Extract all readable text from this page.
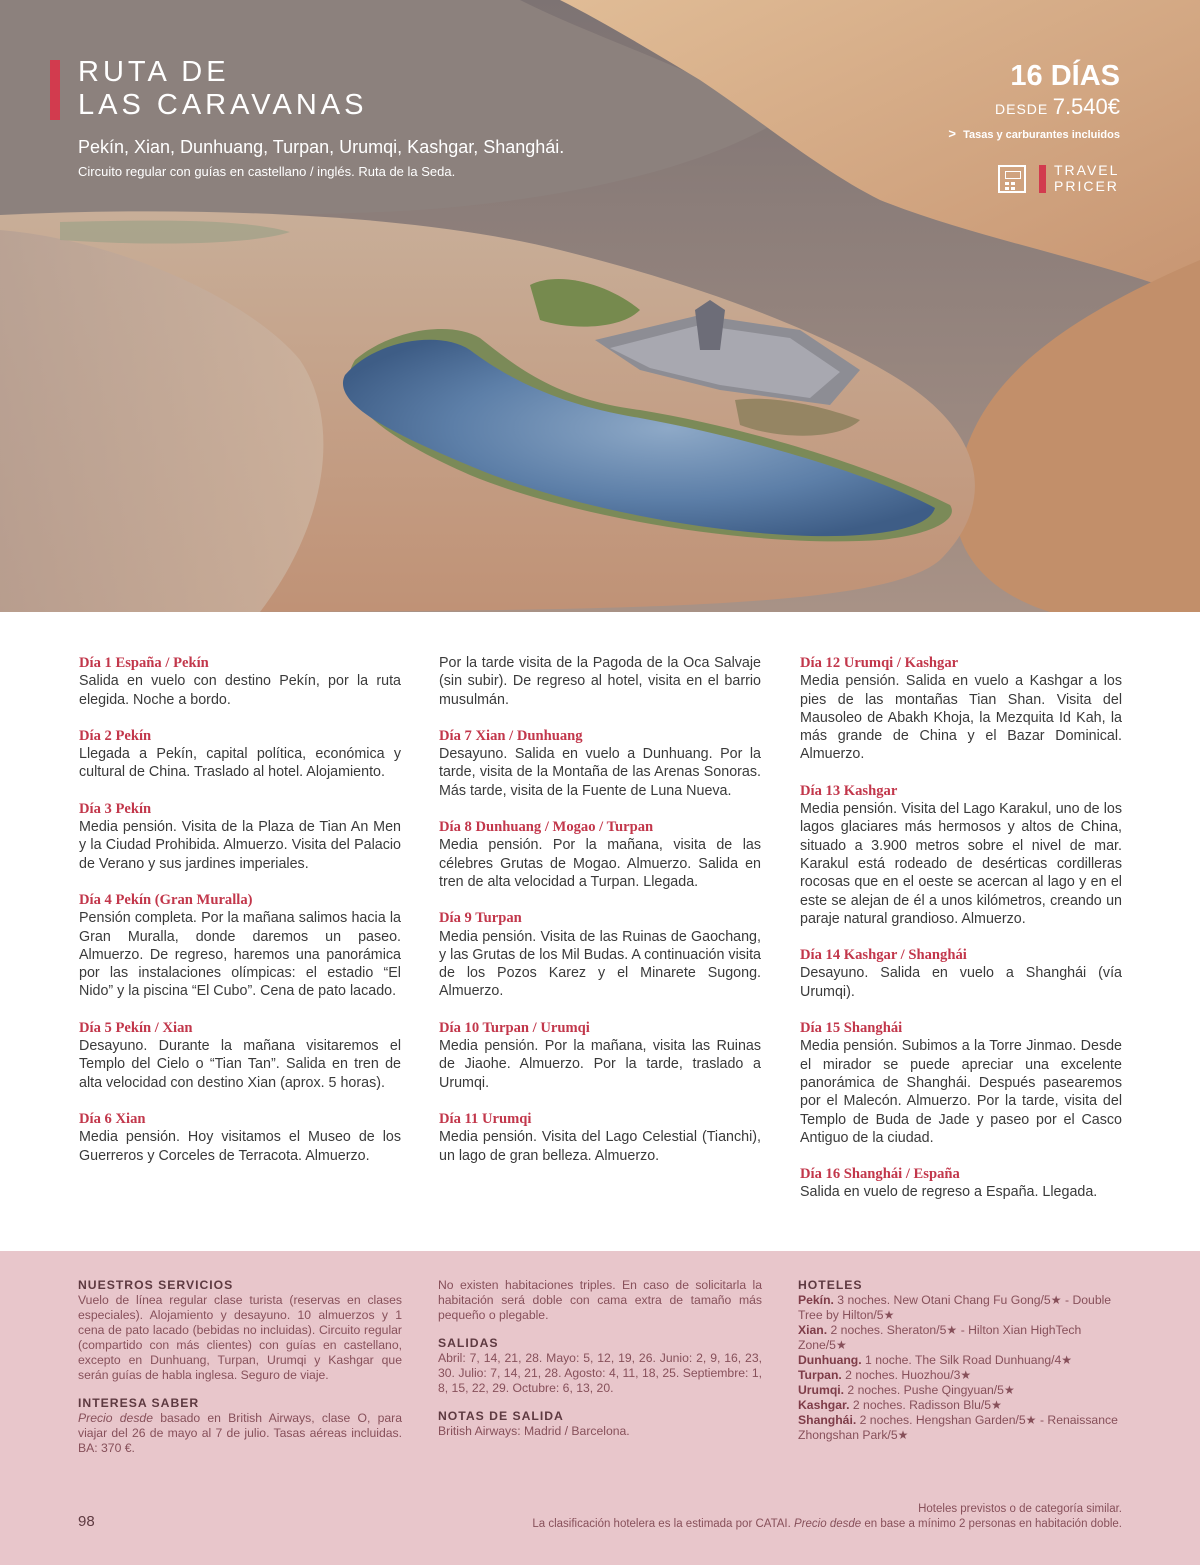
RUTA DE
LAS CARAVANAS
Pekín, Xian, Dunhuang, Turpan, Urumqi, Kashgar, Shanghái.
Circuito regular con guías en castellano / inglés. Ruta de la Seda.
16 DÍAS
DESDE 7.540€
> Tasas y carburantes incluidos
TRAVEL
PRICER
Día 1 España / Pekín
Salida en vuelo con destino Pekín, por la ruta elegida. Noche a bordo.
Día 2 Pekín
Llegada a Pekín, capital política, económica y cultural de China. Traslado al hotel. Alojamiento.
Día 3 Pekín
Media pensión. Visita de la Plaza de Tian An Men y la Ciudad Prohibida. Almuerzo. Visita del Palacio de Verano y sus jardines imperiales.
Día 4 Pekín (Gran Muralla)
Pensión completa. Por la mañana salimos hacia la Gran Muralla, donde daremos un paseo. Almuerzo. De regreso, haremos una panorámica por las instalaciones olímpicas: el estadio “El Nido” y la piscina “El Cubo”. Cena de pato lacado.
Día 5 Pekín / Xian
Desayuno. Durante la mañana visitaremos el Templo del Cielo o “Tian Tan”. Salida en tren de alta velocidad con destino Xian (aprox. 5 horas).
Día 6 Xian
Media pensión. Hoy visitamos el Museo de los Guerreros y Corceles de Terracota. Almuerzo.
Por la tarde visita de la Pagoda de la Oca Salvaje (sin subir). De regreso al hotel, visita en el barrio musulmán.
Día 7 Xian / Dunhuang
Desayuno. Salida en vuelo a Dunhuang. Por la tarde, visita de la Montaña de las Arenas Sonoras. Más tarde, visita de la Fuente de Luna Nueva.
Día 8 Dunhuang / Mogao / Turpan
Media pensión. Por la mañana, visita de las célebres Grutas de Mogao. Almuerzo. Salida en tren de alta velocidad a Turpan. Llegada.
Día 9 Turpan
Media pensión. Visita de las Ruinas de Gaochang, y las Grutas de los Mil Budas. A continuación visita de los Pozos Karez y el Minarete Sugong. Almuerzo.
Día 10 Turpan / Urumqi
Media pensión. Por la mañana, visita las Ruinas de Jiaohe. Almuerzo. Por la tarde, traslado a Urumqi.
Día 11 Urumqi
Media pensión. Visita del Lago Celestial (Tianchi), un lago de gran belleza. Almuerzo.
Día 12 Urumqi / Kashgar
Media pensión. Salida en vuelo a Kashgar a los pies de las montañas Tian Shan. Visita del Mausoleo de Abakh Khoja, la Mezquita Id Kah, la más grande de China y el Bazar Dominical. Almuerzo.
Día 13 Kashgar
Media pensión. Visita del Lago Karakul, uno de los lagos glaciares más hermosos y altos de China, situado a 3.900 metros sobre el nivel de mar. Karakul está rodeado de desérticas cordilleras rocosas que en el oeste se acercan al lago y en el este se alejan de él a unos kilómetros, creando un paraje natural grandioso. Almuerzo.
Día 14 Kashgar / Shanghái
Desayuno. Salida en vuelo a Shanghái (vía Urumqi).
Día 15 Shanghái
Media pensión. Subimos a la Torre Jinmao. Desde el mirador se puede apreciar una excelente panorámica de Shanghái. Después pasearemos por el Malecón. Almuerzo. Por la tarde, visita del Templo de Buda de Jade y paseo por el Casco Antiguo de la ciudad.
Día 16 Shanghái / España
Salida en vuelo de regreso a España. Llegada.
NUESTROS SERVICIOS
Vuelo de línea regular clase turista (reservas en clases especiales). Alojamiento y desayuno. 10 almuerzos y 1 cena de pato lacado (bebidas no incluidas). Circuito regular (compartido con más clientes) con guías en castellano, excepto en Dunhuang, Turpan, Urumqi y Kashgar que serán guías de habla inglesa. Seguro de viaje.
INTERESA SABER
Precio desde basado en British Airways, clase O, para viajar del 26 de mayo al 7 de julio. Tasas aéreas incluidas. BA: 370 €.
No existen habitaciones triples. En caso de solicitarla la habitación será doble con cama extra de tamaño más pequeño o plegable.
SALIDAS
Abril: 7, 14, 21, 28. Mayo: 5, 12, 19, 26. Junio: 2, 9, 16, 23, 30. Julio: 7, 14, 21, 28. Agosto: 4, 11, 18, 25. Septiembre: 1, 8, 15, 22, 29. Octubre: 6, 13, 20.
NOTAS DE SALIDA
British Airways: Madrid / Barcelona.
HOTELES
Pekín. 3 noches. New Otani Chang Fu Gong/5★ - Double Tree by Hilton/5★
Xian. 2 noches. Sheraton/5★ - Hilton Xian HighTech Zone/5★
Dunhuang. 1 noche. The Silk Road Dunhuang/4★
Turpan. 2 noches. Huozhou/3★
Urumqi. 2 noches. Pushe Qingyuan/5★
Kashgar. 2 noches. Radisson Blu/5★
Shanghái. 2 noches. Hengshan Garden/5★ - Renaissance Zhongshan Park/5★
98
Hoteles previstos o de categoría similar.
La clasificación hotelera es la estimada por CATAI. Precio desde en base a mínimo 2 personas en habitación doble.
